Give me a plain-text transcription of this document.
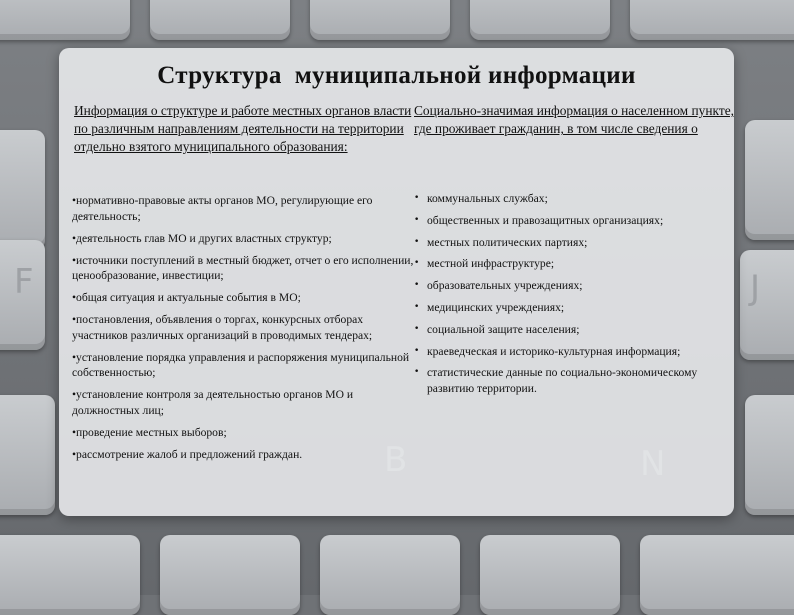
F	J
Структура  муниципальной информации
Информация о структуре и работе местных органов власти по различным направлениям деятельности на территории отдельно взятого муниципального образования:
Социально-значимая информация о населенном пункте, где проживает гражданин, в том числе сведения о
•нормативно-правовые акты органов МО, регулирующие его деятельность;
•деятельность глав МО и других властных структур;
•источники поступлений в местный бюджет, отчет о его исполнении, ценообразование, инвестиции;
•общая ситуация и актуальные события в МО;
•постановления, объявления о торгах, конкурсных отборах участников различных организаций в проводимых тендерах;
•установление порядка управления и распоряжения муниципальной собственностью;
•установление контроля за деятельностью органов МО и должностных лиц;
•проведение местных выборов;
•рассмотрение жалоб и предложений граждан.
• коммунальных службах;
• общественных и правозащитных организациях;
• местных политических партиях;
• местной инфраструктуре;
• образовательных учреждениях;
• медицинских учреждениях;
• социальной защите населения;
• краеведческая и историко-культурная информация;
• статистические данные по социально-экономическому развитию территории.
